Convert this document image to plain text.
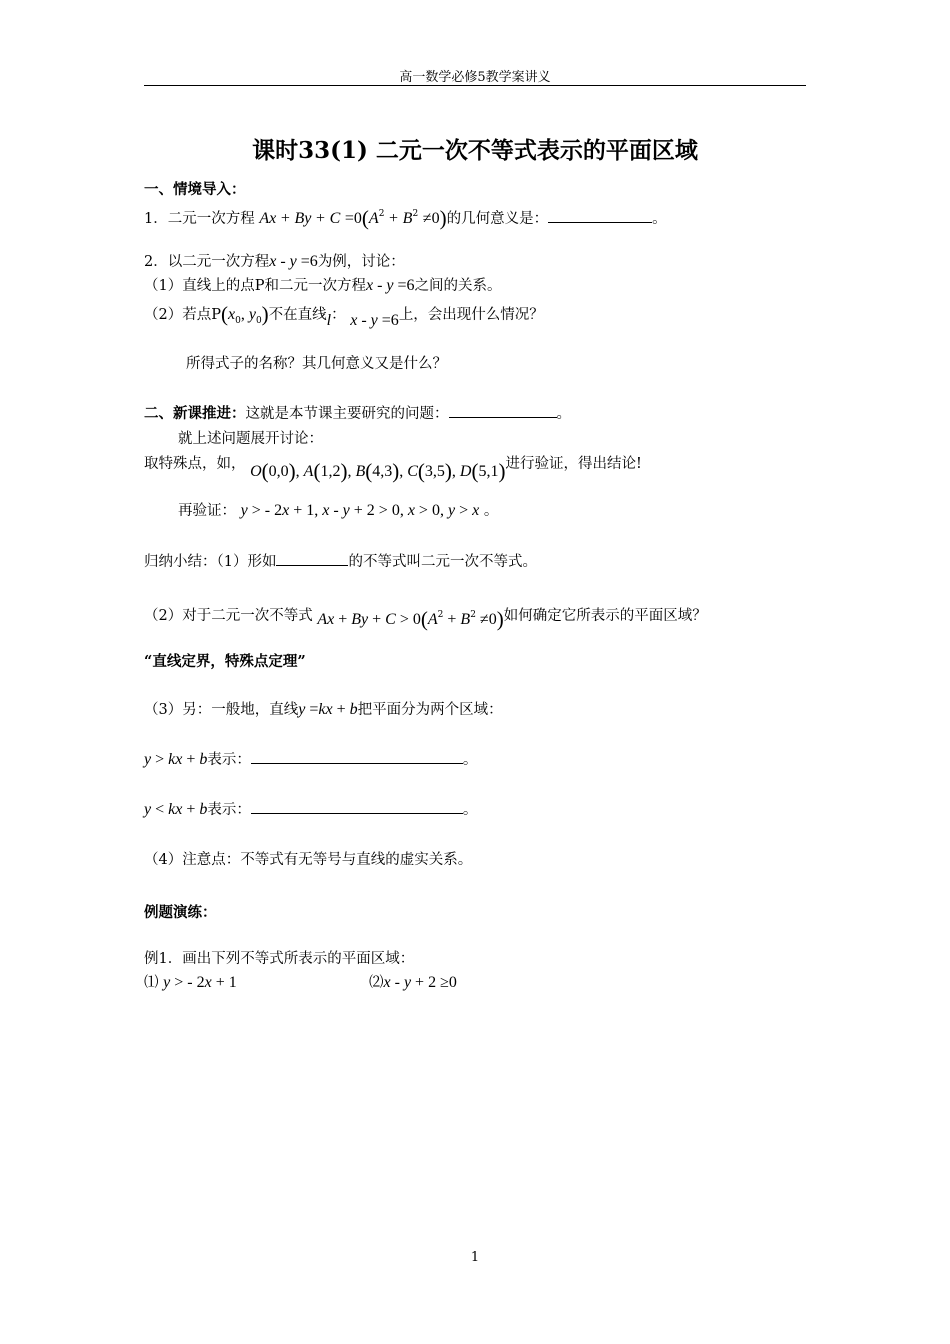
高一数学必修5教学案讲义
课时33(1) 二元一次不等式表示的平面区域
一、情境导入：
1．二元一次方程 $Ax + By + C =0(A^2 + B^2 \ne 0)$的几何意义是：	。
2．以二元一次方程x - y =6为例，讨论：
（1）直线上的点P和二元一次方程x - y =6之间的关系。
（2）若点$P(x_0$, $y_0$)不在直线l： x - y =6上，会出现什么情况？
所得式子的名称？其几何意义又是什么？
二、新课推进：这就是本节课主要研究的问题：	。
就上述问题展开讨论：
取特殊点，如， O(0,0), A(1,2), B(4,3), C(3,5), D(5,1)进行验证，得出结论!
再验证： y > - 2x + 1, x - y + 2 > 0, x > 0, y > x 。
归纳小结：（1）形如	的不等式叫二元一次不等式。
（2）对于二元一次不等式 $Ax + By + C > 0(A^2 + B^2 \ne 0)$如何确定它所表示的平面区域？
“直线定界，特殊点定理”
（3）另：一般地，直线y =kx + b把平面分为两个区域：
y > kx + b表示：	。
y < kx + b表示：	。
（4）注意点：不等式有无等号与直线的虚实关系。
例题演练：
例1．画出下列不等式所表示的平面区域：
⑴ y > - 2x + 1	⑵x - y + 2 ≥0
1
